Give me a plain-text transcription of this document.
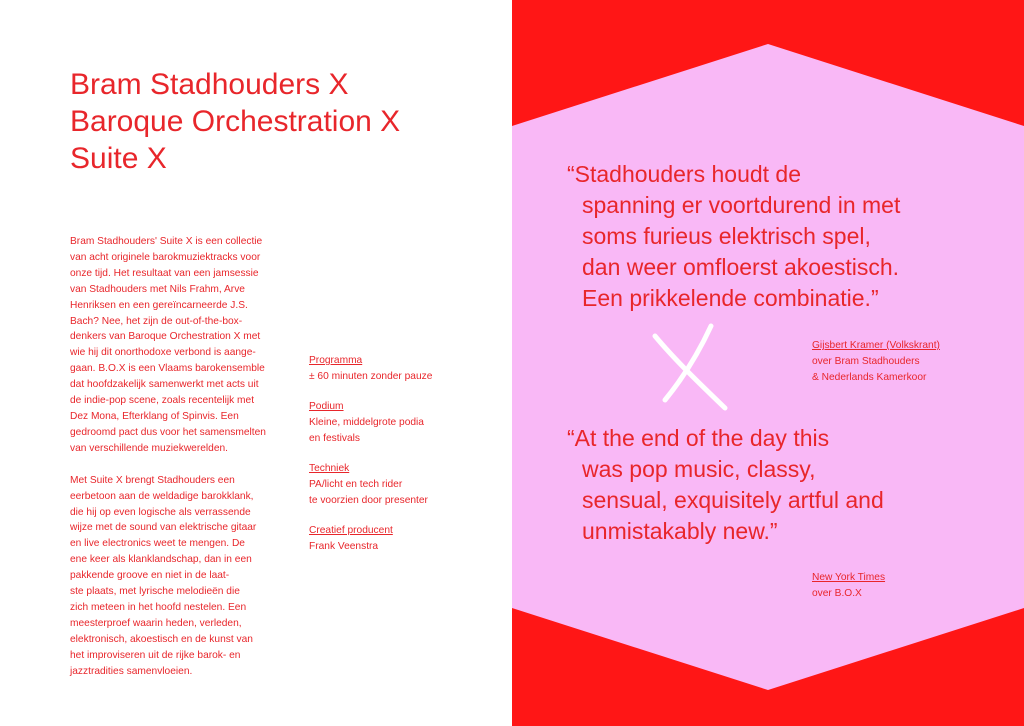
Bram Stadhouders X
Baroque Orchestration X
Suite X

Bram Stadhouders' Suite X is een collectie
van acht originele barokmuziektracks voor
onze tijd. Het resultaat van een jamsessie
van Stadhouders met Nils Frahm, Arve
Henriksen en een gereïncarneerde J.S.
Bach? Nee, het zijn de out-of-the-box-
denkers van Baroque Orchestration X met
wie hij dit onorthodoxe verbond is aange-
gaan. B.O.X is een Vlaams barokensemble
dat hoofdzakelijk samenwerkt met acts uit
de indie-pop scene, zoals recentelijk met
Dez Mona, Efterklang of Spinvis. Een
gedroomd pact dus voor het samensmelten
van verschillende muziekwerelden.

Met Suite X brengt Stadhouders een
eerbetoon aan de weldadige barokklank,
die hij op even logische als verrassende
wijze met de sound van elektrische gitaar
en live electronics weet te mengen. De
ene keer als klanklandschap, dan in een
pakkende groove en niet in de laat-
ste plaats, met lyrische melodieën die
zich meteen in het hoofd nestelen. Een
meesterproef waarin heden, verleden,
elektronisch, akoestisch en de kunst van
het improviseren uit de rijke barok- en
jazztradities samenvloeien.

Programma
± 60 minuten zonder pauze
Podium
Kleine, middelgrote podia
en festivals
Techniek
PA/licht en tech rider
te voorzien door presenter
Creatief producent
Frank Veenstra
“Stadhouders houdt de
spanning er voortdurend in met
soms furieus elektrisch spel,
dan weer omfloerst akoestisch.
Een prikkelende combinatie.”
Gijsbert Kramer (Volkskrant)
over Bram Stadhouders
& Nederlands Kamerkoor
“At the end of the day this
was pop music, classy,
sensual, exquisitely artful and
unmistakably new.”
New York Times
over B.O.X
